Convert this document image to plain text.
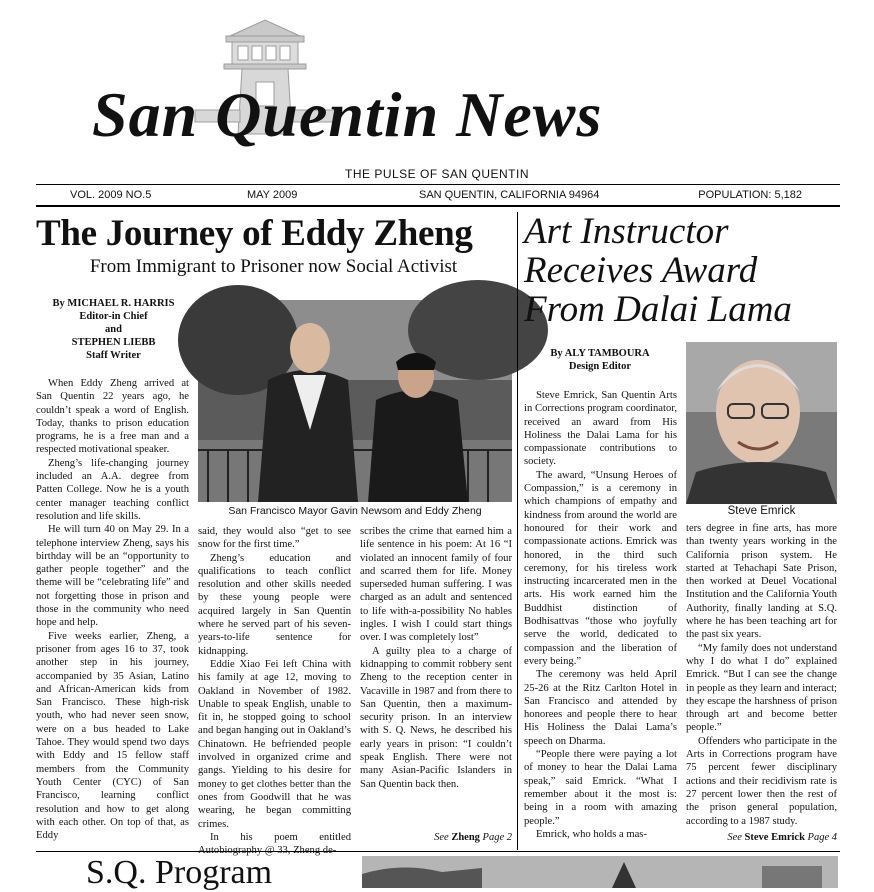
San Quentin News
THE PULSE OF SAN QUENTIN
VOL. 2009 NO.5	MAY 2009	SAN QUENTIN, CALIFORNIA 94964	POPULATION: 5,182
The Journey of Eddy Zheng
From Immigrant to Prisoner now Social Activist
By MICHAEL R. HARRIS
Editor-in Chief
and
STEPHEN LIEBB
Staff Writer
San Francisco Mayor Gavin Newsom and Eddy Zheng

When Eddy Zheng arrived at San Quentin 22 years ago, he couldn’t speak a word of English. Today, thanks to prison education programs, he is a free man and a respected motivational speaker.

Zheng’s life-changing journey included an A.A. degree from Patten College. Now he is a youth center manager teaching conflict resolution and life skills.

He will turn 40 on May 29. In a telephone interview Zheng, says his birthday will be an “opportunity to gather people together” and the theme will be “celebrating life” and not forgetting those in prison and those in the community who need hope and help.

Five weeks earlier, Zheng, a prisoner from ages 16 to 37, took another step in his journey, accompanied by 35 Asian, Latino and African-American kids from San Francisco. These high-risk youth, who had never seen snow, were on a bus headed to Lake Tahoe. They would spend two days with Eddy and 15 fellow staff members from the Community Youth Center (CYC) of San Francisco, learning conflict resolution and how to get along with each other. On top of that, as Eddy

said, they would also “get to see snow for the first time.”

Zheng’s education and qualifications to teach conflict resolution and other skills needed by these young people were acquired largely in San Quentin where he served part of his seven-years-to-life sentence for kidnapping.

Eddie Xiao Fei left China with his family at age 12, moving to Oakland in November of 1982. Unable to speak English, unable to fit in, he stopped going to school and began hanging out in Oakland’s Chinatown. He befriended people involved in organized crime and gangs. Yielding to his desire for money to get clothes better than the ones from Goodwill that he was wearing, he began committing crimes.

In his poem entitled Autobiography @ 33, Zheng de-

scribes the crime that earned him a life sentence in his poem: At 16 “I violated an innocent family of four and scarred them for life. Money superseded human suffering. I was charged as an adult and sentenced to life with-a-possibility No hables ingles. I wish I could start things over. I was completely lost”

A guilty plea to a charge of kidnapping to commit robbery sent Zheng to the reception center in Vacaville in 1987 and from there to San Quentin, then a maximum-security prison. In an interview with S. Q. News, he described his early years in prison: “I couldn’t speak English. There were not many Asian-Pacific Islanders in San Quentin back then.

See Zheng Page 2
Art Instructor Receives Award From Dalai Lama
By ALY TAMBOURA
Design Editor
Steve Emrick

Steve Emrick, San Quentin Arts in Corrections program coordinator, received an award from His Holiness the Dalai Lama for his compassionate contributions to society.

The award, “Unsung Heroes of Compassion,” is a ceremony in which champions of empathy and kindness from around the world are honoured for their work and compassionate actions. Emrick was honored, in the third such ceremony, for his tireless work instructing incarcerated men in the arts. His work earned him the Buddhist distinction of Bodhisattvas “those who joyfully serve the world, dedicated to compassion and the liberation of every being.”

The ceremony was held April 25-26 at the Ritz Carlton Hotel in San Francisco and attended by honorees and people there to hear His Holiness the Dalai Lama’s speech on Dharma.

“People there were paying a lot of money to hear the Dalai Lama speak,” said Emrick. “What I remember about it the most is: being in a room with amazing people.”

Emrick, who holds a mas-

ters degree in fine arts, has more than twenty years working in the California prison system. He started at Tehachapi Sate Prison, then worked at Deuel Vocational Institution and the California Youth Authority, finally landing at S.Q. where he has been teaching art for the past six years.

“My family does not understand why I do what I do” explained Emrick. “But I can see the change in people as they learn and interact; they escape the harshness of prison through art and become better people.”

Offenders who participate in the Arts in Corrections program have 75 percent fewer disciplinary actions and their recidivism rate is 27 percent lower then the rest of the prison general population, according to a 1987 study.

See Steve Emrick Page 4
S.Q. Program
